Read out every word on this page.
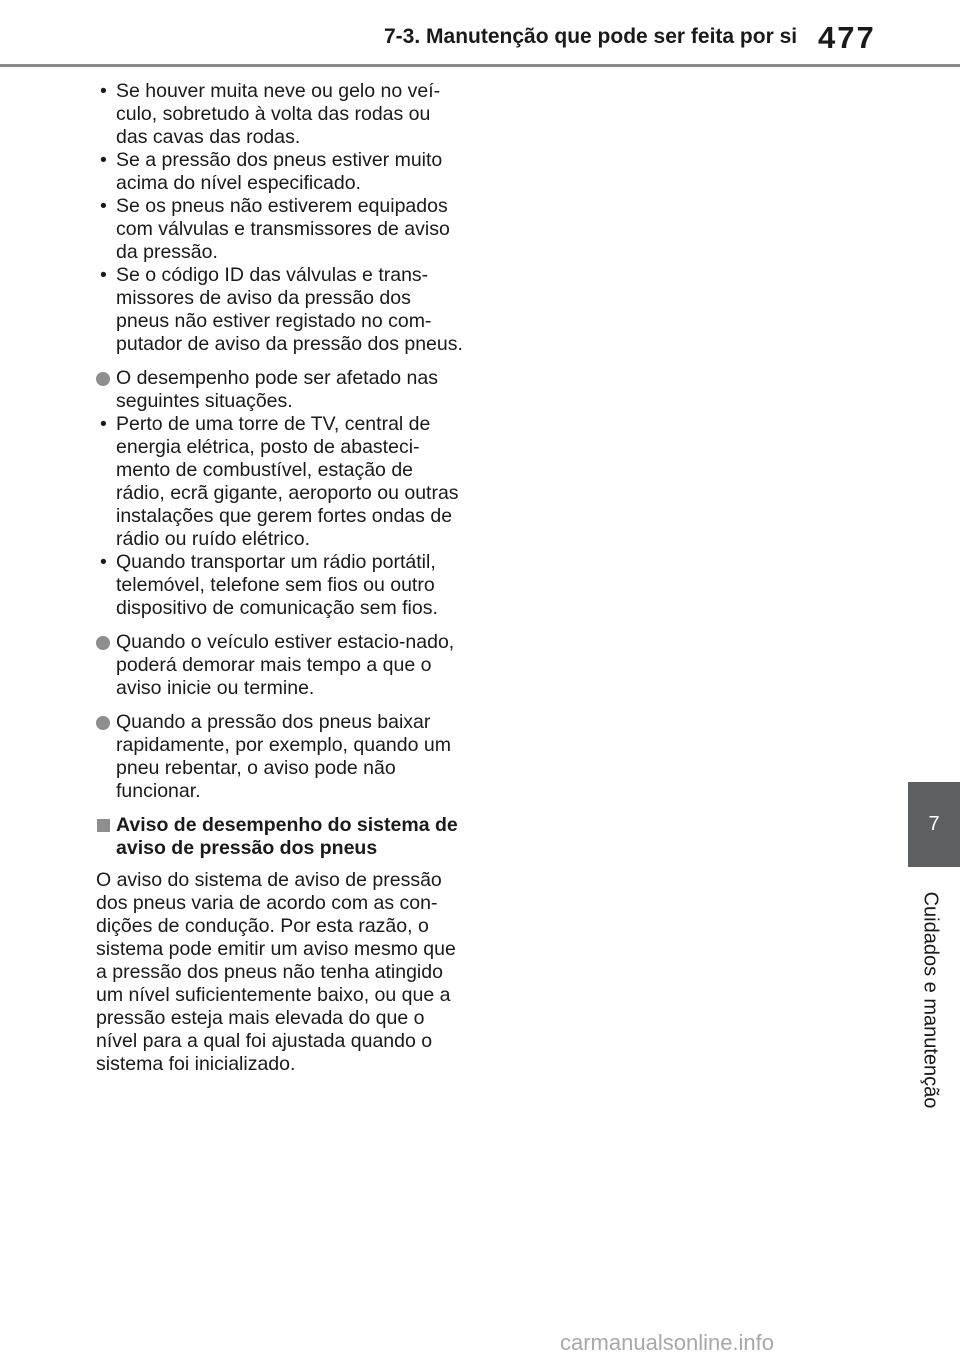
7-3. Manutenção que pode ser feita por si 477
7
Cuidados e manutenção
• Se houver muita neve ou gelo no veí-culo, sobretudo à volta das rodas ou das cavas das rodas.
• Se a pressão dos pneus estiver muito acima do nível especificado.
• Se os pneus não estiverem equipados com válvulas e transmissores de aviso da pressão.
• Se o código ID das válvulas e trans-missores de aviso da pressão dos pneus não estiver registado no com-putador de aviso da pressão dos pneus.
O desempenho pode ser afetado nas seguintes situações.
• Perto de uma torre de TV, central de energia elétrica, posto de abasteci-mento de combustível, estação de rádio, ecrã gigante, aeroporto ou outras instalações que gerem fortes ondas de rádio ou ruído elétrico.
• Quando transportar um rádio portátil, telemóvel, telefone sem fios ou outro dispositivo de comunicação sem fios.
Quando o veículo estiver estacio-nado, poderá demorar mais tempo a que o aviso inicie ou termine.
Quando a pressão dos pneus baixar rapidamente, por exemplo, quando um pneu rebentar, o aviso pode não funcionar.
Aviso de desempenho do sistema de aviso de pressão dos pneus
O aviso do sistema de aviso de pressão dos pneus varia de acordo com as con-dições de condução. Por esta razão, o sistema pode emitir um aviso mesmo que a pressão dos pneus não tenha atingido um nível suficientemente baixo, ou que a pressão esteja mais elevada do que o nível para a qual foi ajustada quando o sistema foi inicializado.
carmanualsonline.info
